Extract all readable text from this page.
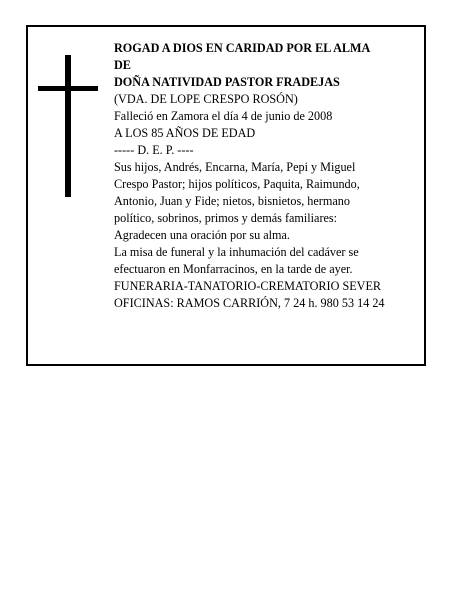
ROGAD A DIOS EN CARIDAD POR EL ALMA
DE
DOÑA NATIVIDAD PASTOR FRADEJAS
(VDA. DE LOPE CRESPO ROSÓN)
Falleció en Zamora el día 4 de junio de 2008
A LOS 85 AÑOS DE EDAD
----- D. E. P. ----
Sus hijos, Andrés, Encarna, María, Pepi y Miguel
Crespo Pastor; hijos políticos, Paquita, Raimundo,
Antonio, Juan y Fide; nietos, bisnietos, hermano
político, sobrinos, primos y demás familiares:
Agradecen una oración por su alma.
La misa de funeral y la inhumación del cadáver se
efectuaron en Monfarracinos, en la tarde de ayer.
FUNERARIA-TANATORIO-CREMATORIO SEVER
OFICINAS: RAMOS CARRIÓN, 7 24 h. 980 53 14 24
